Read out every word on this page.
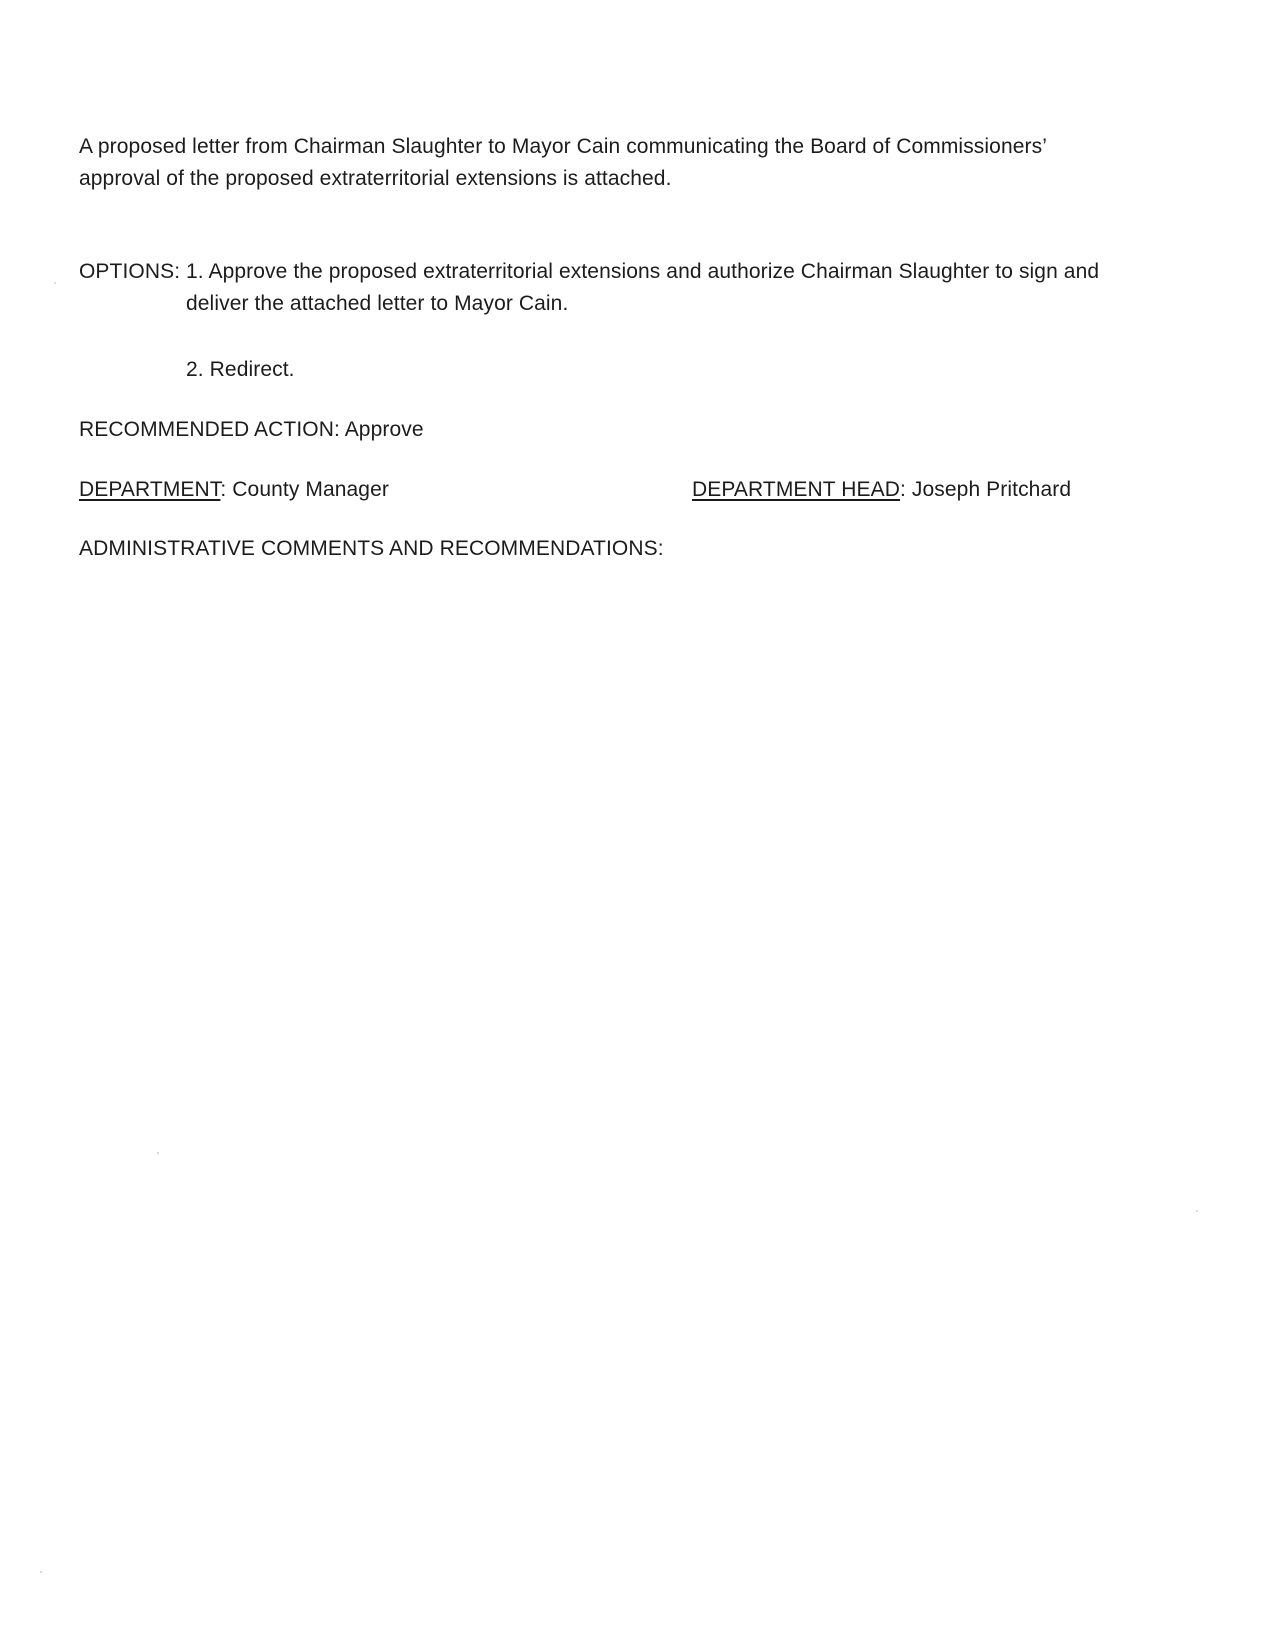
A proposed letter from Chairman Slaughter to Mayor Cain communicating the Board of Commissioners’
approval of the proposed extraterritorial extensions is attached.
OPTIONS: 1. Approve the proposed extraterritorial extensions and authorize Chairman Slaughter to sign and
deliver the attached letter to Mayor Cain.
2. Redirect.
RECOMMENDED ACTION: Approve
DEPARTMENT: County Manager	DEPARTMENT HEAD: Joseph Pritchard
ADMINISTRATIVE COMMENTS AND RECOMMENDATIONS:
